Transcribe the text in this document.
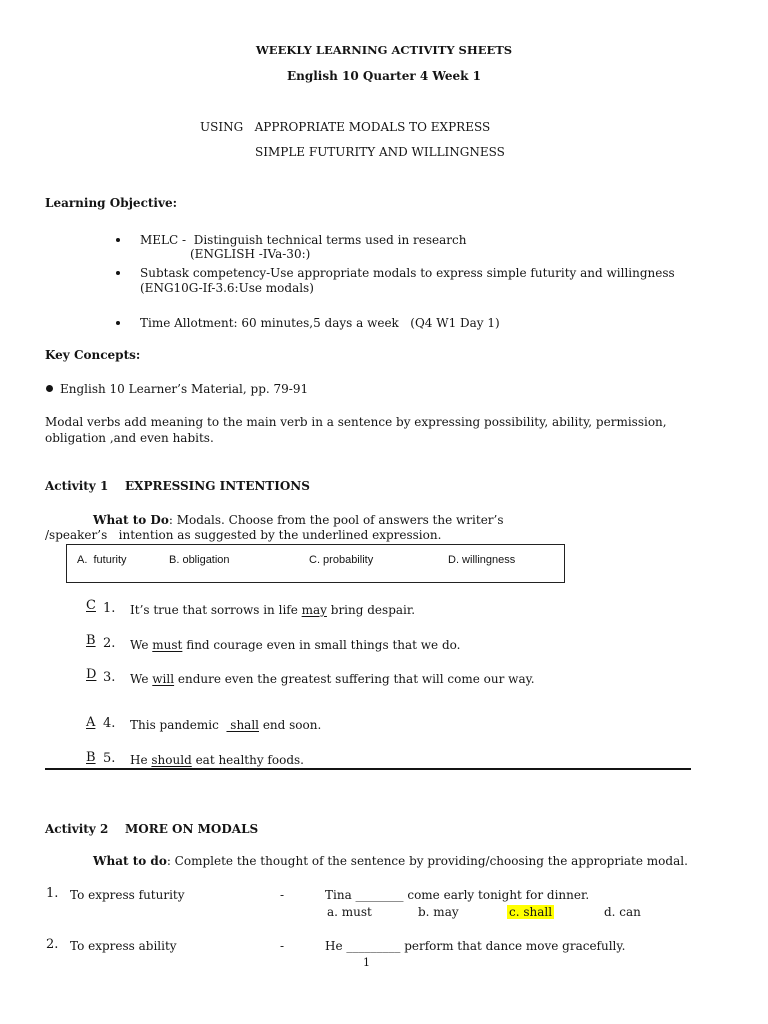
WEEKLY LEARNING ACTIVITY SHEETS
English 10 Quarter 4 Week 1
USING   APPROPRIATE MODALS TO EXPRESS
SIMPLE FUTURITY AND WILLINGNESS
Learning Objective:
MELC -  Distinguish technical terms used in research
(ENGLISH -IVa-30:)
Subtask competency-Use appropriate modals to express simple futurity and willingness
(ENG10G-If-3.6:Use modals)
Time Allotment: 60 minutes,5 days a week   (Q4 W1 Day 1)
Key Concepts:
English 10 Learner’s Material, pp. 79-91
Modal verbs add meaning to the main verb in a sentence by expressing possibility, ability, permission,
obligation ,and even habits.
Activity 1 EXPRESSING INTENTIONS
What to Do: Modals. Choose from the pool of answers the writer’s
/speaker’s   intention as suggested by the underlined expression.
A.  futurity	B. obligation	C. probability	D. willingness
C 1. It’s true that sorrows in life may bring despair.
B 2. We must find courage even in small things that we do.
D 3. We will endure even the greatest suffering that will come our way.
A 4. This pandemic   shall end soon.
B 5. He should eat healthy foods.
Activity 2 MORE ON MODALS
What to do: Complete the thought of the sentence by providing/choosing the appropriate modal.
1. To express futurity	-	Tina ________ come early tonight for dinner.
a. must	b. may	c. shall	d. can
2. To express ability	-	He _________ perform that dance move gracefully.
1
